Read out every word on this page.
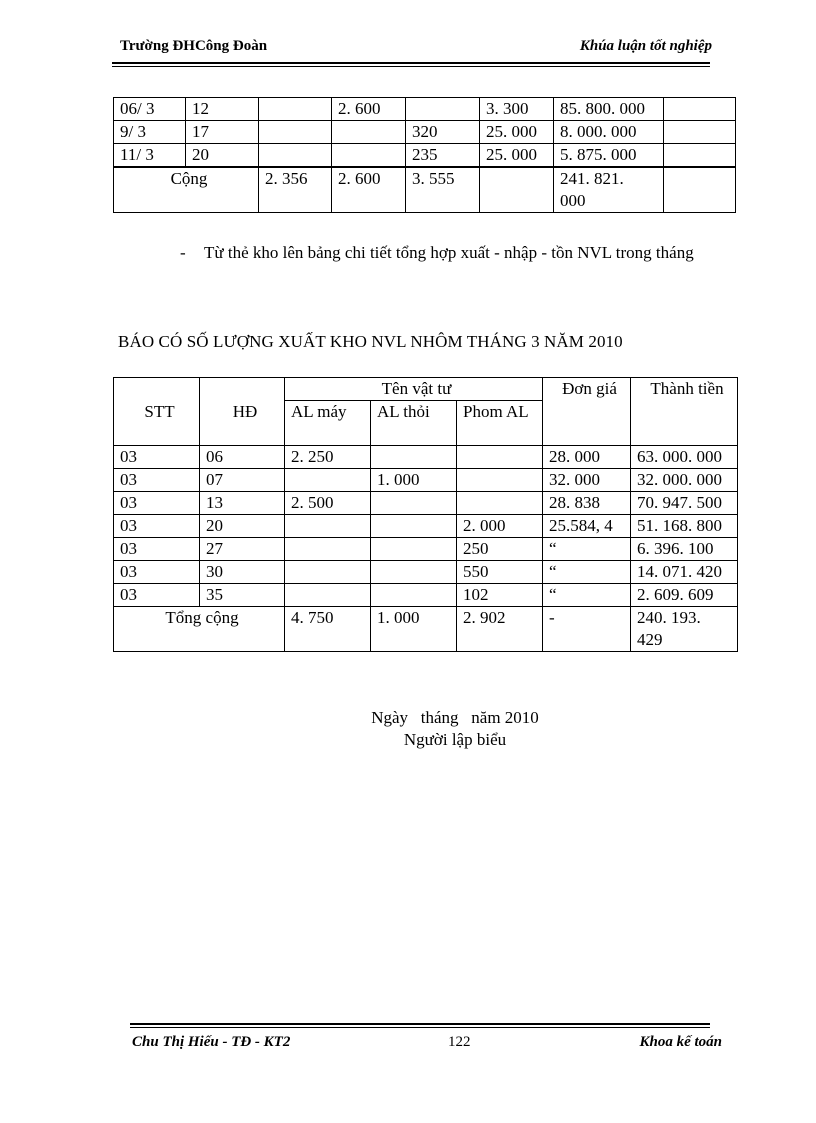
Trường ĐHCông Đoàn	Khúa luận tốt nghiệp
06/ 3	12		2. 600		3. 300	85. 800. 000	
9/ 3	17			320	25. 000	8. 000. 000	
11/ 3	20			235	25. 000	5. 875. 000	
Cộng		2. 356	2. 600	3. 555		241. 821.
000	

- Từ thẻ kho lên bảng chi tiết tổng hợp xuất - nhập - tồn NVL trong tháng
BÁO CÓ SỐ LƯỢNG XUẤT KHO NVL NHÔM THÁNG 3 NĂM 2010
STT	HĐ	Tên vật tư			Đơn giá	Thành tiền
		AL máy	AL thỏi	Phom AL		
03	06	2. 250			28. 000	63. 000. 000
03	07		1. 000		32. 000	32. 000. 000
03	13	2. 500			28. 838	70. 947. 500
03	20			2. 000	25.584, 4	51. 168. 800
03	27			250	“	6. 396. 100
03	30			550	“	14. 071. 420
03	35			102	“	2. 609. 609
Tổng cộng		4. 750	1. 000	2. 902	-	240. 193.
429
Ngày   tháng   năm 2010
Người lập biểu
Chu Thị Hiếu - TĐ - KT2	122	Khoa kế toán
